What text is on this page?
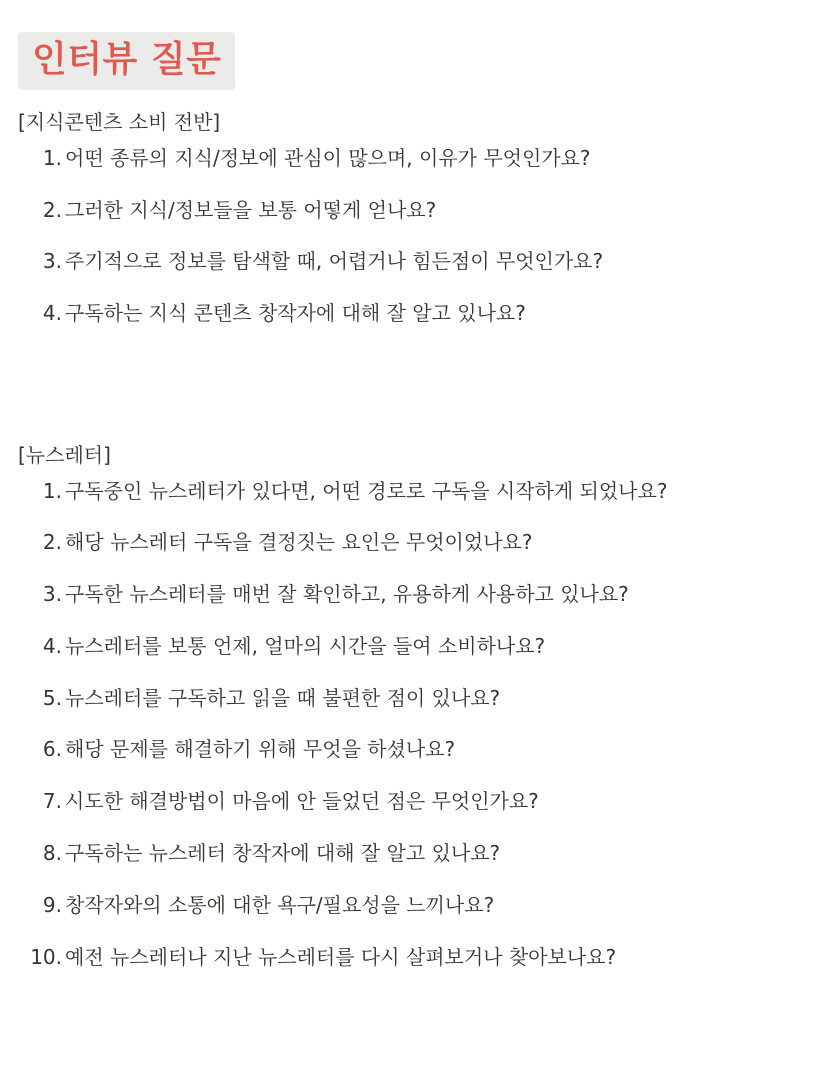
인터뷰 질문
[지식콘텐츠 소비 전반]
1. 어떤 종류의 지식/정보에 관심이 많으며, 이유가 무엇인가요?
2. 그러한 지식/정보들을 보통 어떻게 얻나요?
3. 주기적으로 정보를 탐색할 때, 어렵거나 힘든점이 무엇인가요?
4. 구독하는 지식 콘텐츠 창작자에 대해 잘 알고 있나요?
[뉴스레터]
1. 구독중인 뉴스레터가 있다면, 어떤 경로로 구독을 시작하게 되었나요?
2. 해당 뉴스레터 구독을 결정짓는 요인은 무엇이었나요?
3. 구독한 뉴스레터를 매번 잘 확인하고, 유용하게 사용하고 있나요?
4. 뉴스레터를 보통 언제, 얼마의 시간을 들여 소비하나요?
5. 뉴스레터를 구독하고 읽을 때 불편한 점이 있나요?
6. 해당 문제를 해결하기 위해 무엇을 하셨나요?
7. 시도한 해결방법이 마음에 안 들었던 점은 무엇인가요?
8. 구독하는 뉴스레터 창작자에 대해 잘 알고 있나요?
9. 창작자와의 소통에 대한 욕구/필요성을 느끼나요?
10. 예전 뉴스레터나 지난 뉴스레터를 다시 살펴보거나 찾아보나요?
